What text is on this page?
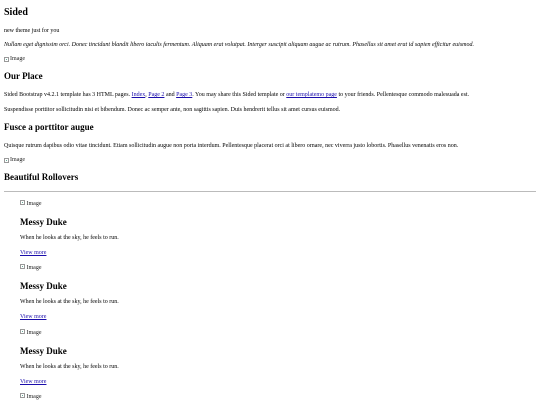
Sided
new theme just for you
Nullam eget dignissim orci. Donec tincidunt blandit libero iaculis fermentum. Aliquam erat volutpat. Interger suscipit aliquam augue ac rutrum. Phasellus sit amet erat id sapien efficitur euismod.
Image
Our Place
Sided Bootstrap v4.2.1 template has 3 HTML pages. Index, Page 2 and Page 3. You may share this Sided template or our templatemo page to your friends. Pellentesque commodo malesuada est.
Suspendisse porttitor sollicitudin nisi et bibendum. Donec ac semper ante, non sagittis sapien. Duis hendrerit tellus sit amet cursus euismod.
Fusce a porttitor augue
Quisque rutrum dapibus odio vitae tincidunt. Etiam sollicitudin augue non porta interdum. Pellentesque placerat orci at libero ornare, nec viverra justo lobortis. Phasellus venenatis eros non.
Image
Beautiful Rollovers
Image
Messy Duke
When he looks at the sky, he feels to run.
View more
Image
Messy Duke
When he looks at the sky, he feels to run.
View more
Image
Messy Duke
When he looks at the sky, he feels to run.
View more
Image
